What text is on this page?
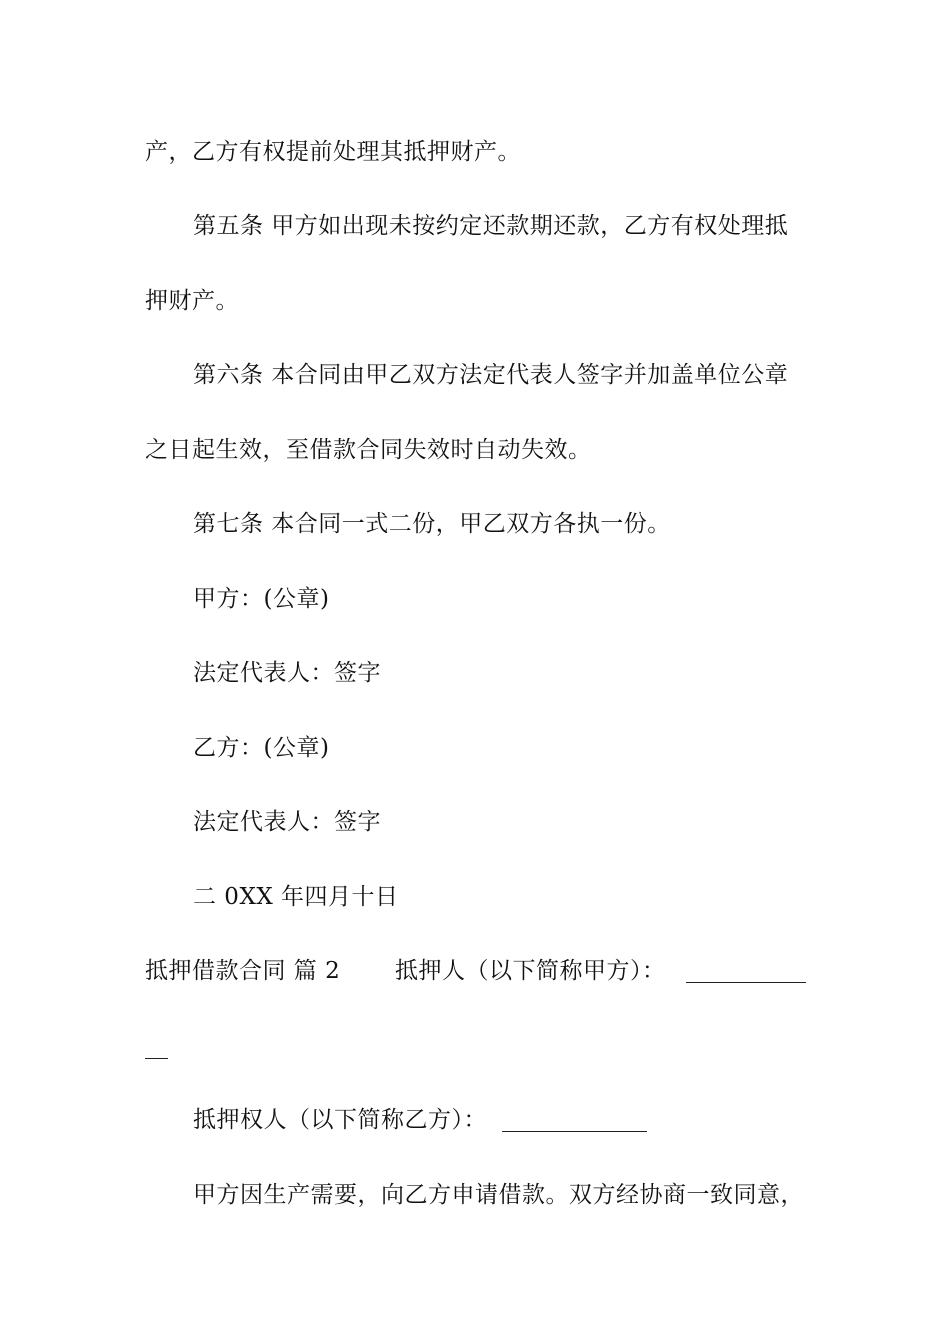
产，乙方有权提前处理其抵押财产。
第五条 甲方如出现未按约定还款期还款，乙方有权处理抵
押财产。
第六条 本合同由甲乙双方法定代表人签字并加盖单位公章
之日起生效，至借款合同失效时自动失效。
第七条 本合同一式二份，甲乙双方各执一份。
甲方：(公章)
法定代表人：签字
乙方：(公章)
法定代表人：签字
二 0XX 年四月十日
抵押借款合同 篇 2 抵押人（以下简称甲方）：
抵押权人（以下简称乙方）：
甲方因生产需要，向乙方申请借款。双方经协商一致同意，
